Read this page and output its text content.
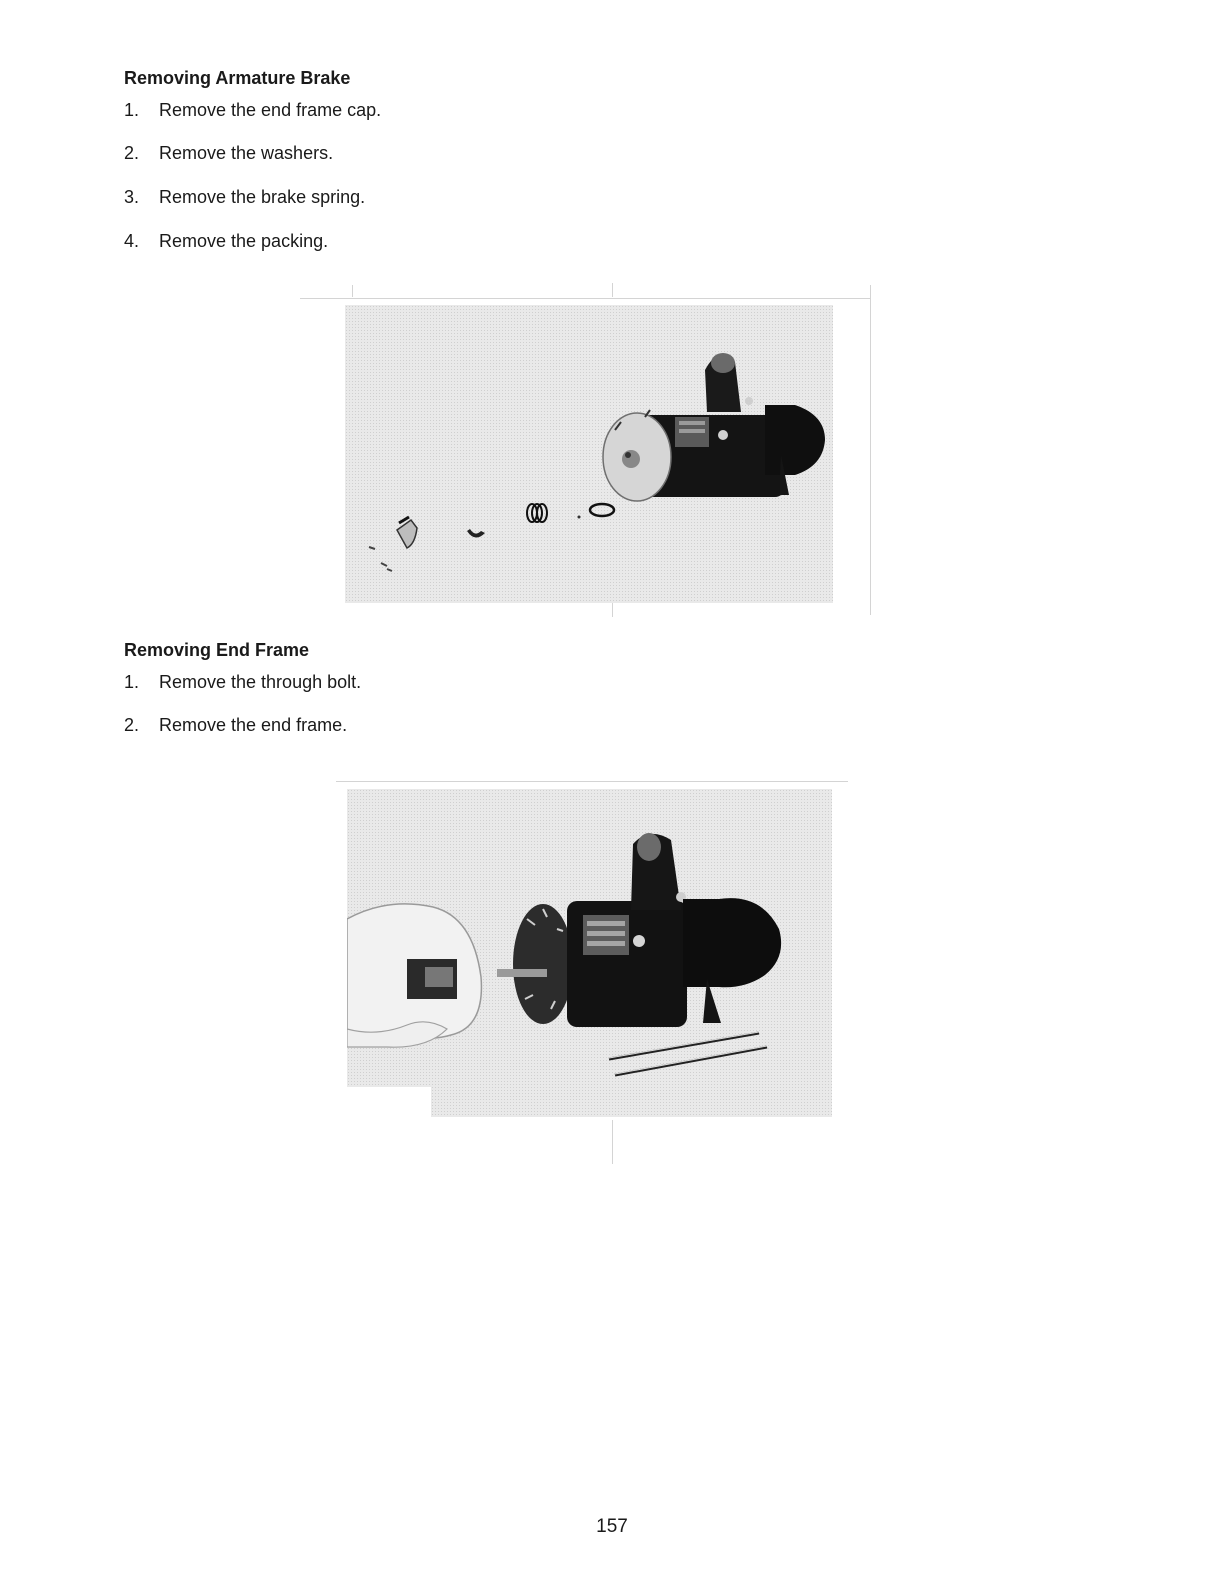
Removing Armature Brake

1. Remove the end frame cap.

2. Remove the washers.

3. Remove the brake spring.

4. Remove the packing.

Removing End Frame

1. Remove the through bolt.

2. Remove the end frame.

157
